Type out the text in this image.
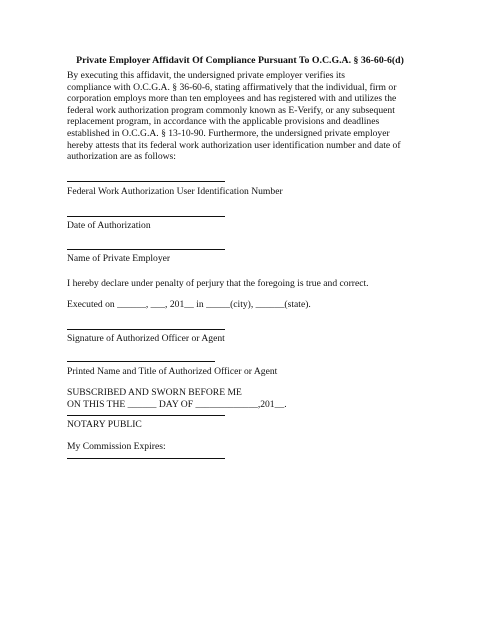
Private Employer Affidavit Of Compliance Pursuant To O.C.G.A. § 36-60-6(d)
By executing this affidavit, the undersigned private employer verifies its
compliance with O.C.G.A. § 36-60-6, stating affirmatively that the individual, firm or
corporation employs more than ten employees and has registered with and utilizes the
federal work authorization program commonly known as E-Verify, or any subsequent
replacement program, in accordance with the applicable provisions and deadlines
established in O.C.G.A. § 13-10-90. Furthermore, the undersigned private employer
hereby attests that its federal work authorization user identification number and date of
authorization are as follows:
Federal Work Authorization User Identification Number
Date of Authorization
Name of Private Employer
I hereby declare under penalty of perjury that the foregoing is true and correct.
Executed on ______, ___, 201__ in _____(city), ______(state).
Signature of Authorized Officer or Agent
Printed Name and Title of Authorized Officer or Agent
SUBSCRIBED AND SWORN BEFORE ME
ON THIS THE ______ DAY OF _____________,201__.
NOTARY PUBLIC
My Commission Expires:
